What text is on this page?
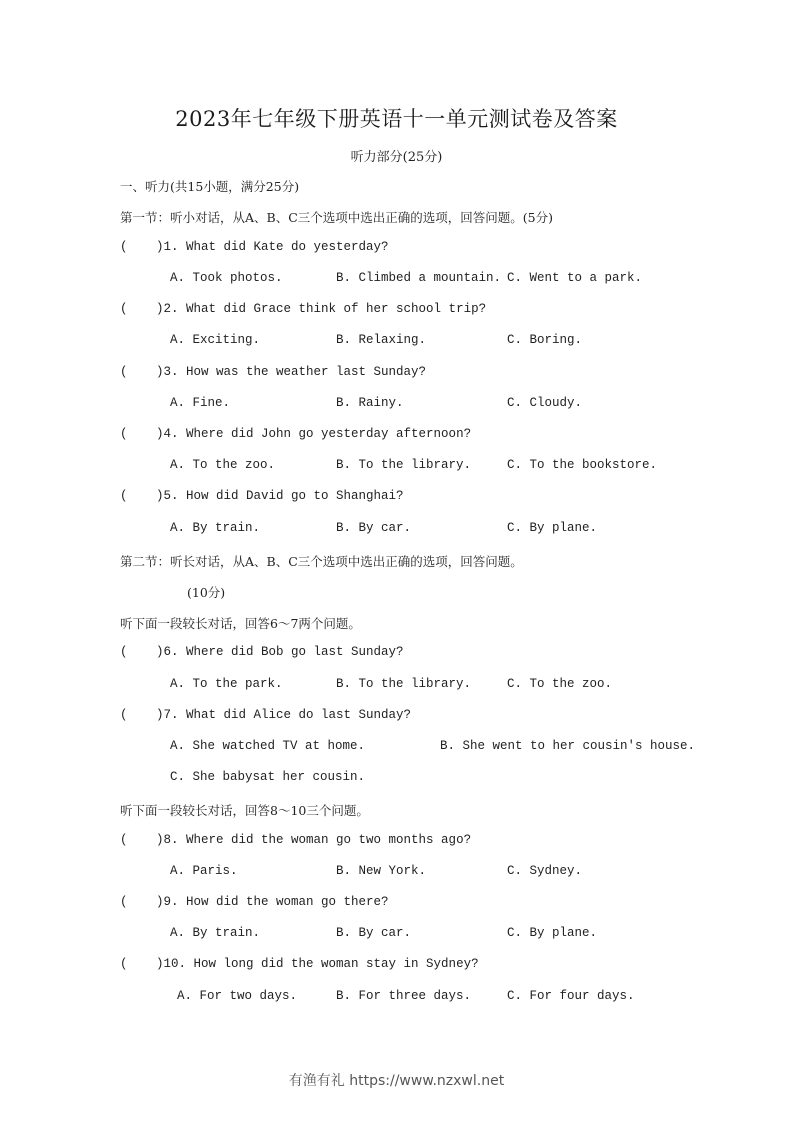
2023年七年级下册英语十一单元测试卷及答案
听力部分(25分)
一、听力(共15小题，满分25分)
第一节：听小对话，从A、B、C三个选项中选出正确的选项，回答问题。(5分)
( )1. What did Kate do yesterday?
A. Took photos.	B. Climbed a mountain. C. Went to a park.
( )2. What did Grace think of her school trip?
A. Exciting.	B. Relaxing.	C. Boring.
( )3. How was the weather last Sunday?
A. Fine.	B. Rainy.	C. Cloudy.
( )4. Where did John go yesterday afternoon?
A. To the zoo.	B. To the library.	C. To the bookstore.
( )5. How did David go to Shanghai?
A. By train.	B. By car.	C. By plane.
第二节：听长对话，从A、B、C三个选项中选出正确的选项，回答问题。
(10分)
听下面一段较长对话，回答6～7两个问题。
( )6. Where did Bob go last Sunday?
A. To the park.	B. To the library.	C. To the zoo.
( )7. What did Alice do last Sunday?
A. She watched TV at home.	B. She went to her cousin's house.
C. She babysat her cousin.
听下面一段较长对话，回答8～10三个问题。
( )8. Where did the woman go two months ago?
A. Paris.	B. New York.	C. Sydney.
( )9. How did the woman go there?
A. By train.	B. By car.	C. By plane.
( )10. How long did the woman stay in Sydney?
A. For two days.	B. For three days.	C. For four days.
有渔有礼 https://www.nzxwl.net
